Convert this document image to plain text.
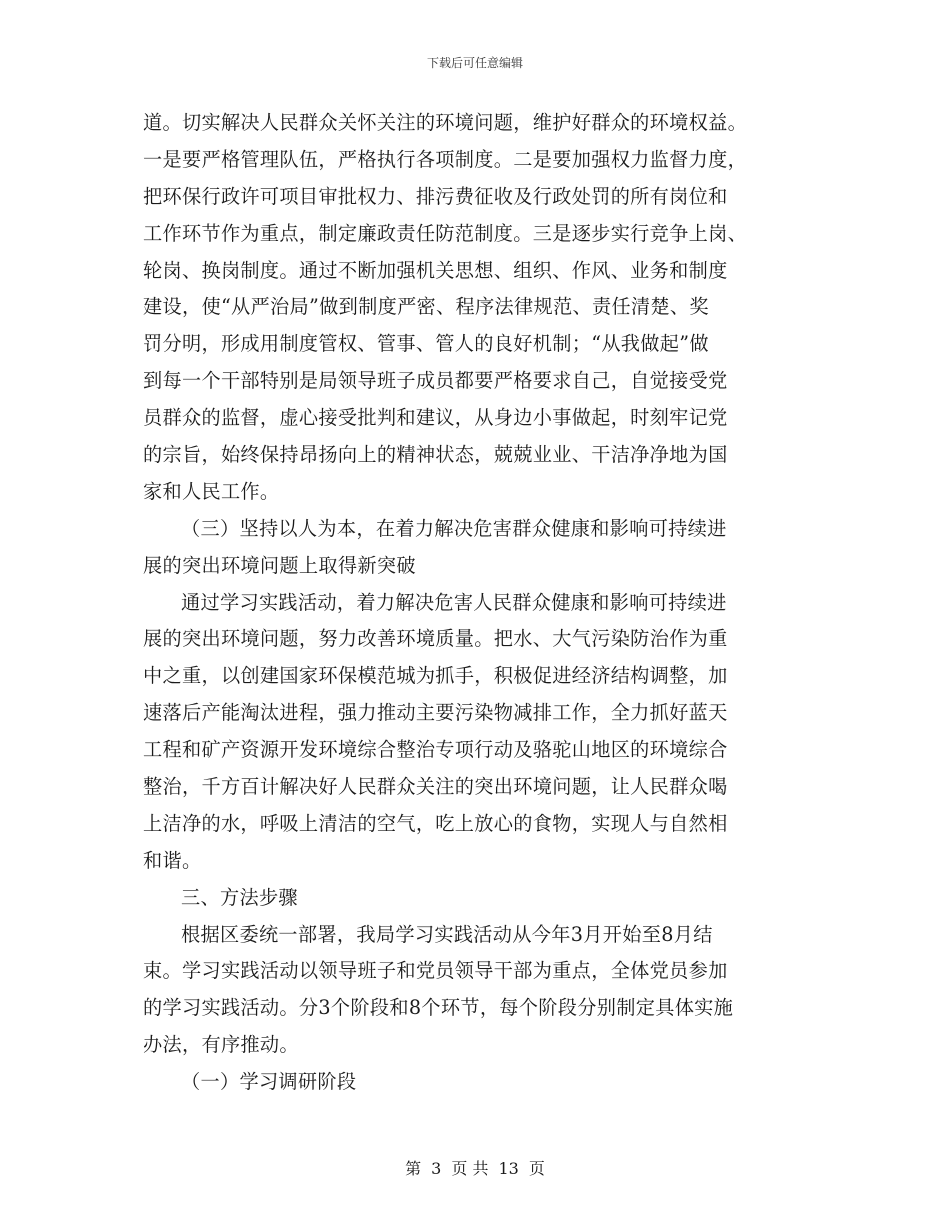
下载后可任意编辑
道。切实解决人民群众关怀关注的环境问题，维护好群众的环境权益。
一是要严格管理队伍，严格执行各项制度。二是要加强权力监督力度，
把环保行政许可项目审批权力、排污费征收及行政处罚的所有岗位和
工作环节作为重点，制定廉政责任防范制度。三是逐步实行竞争上岗、
轮岗、换岗制度。通过不断加强机关思想、组织、作风、业务和制度
建设，使“从严治局”做到制度严密、程序法律规范、责任清楚、奖
罚分明，形成用制度管权、管事、管人的良好机制；“从我做起”做
到每一个干部特别是局领导班子成员都要严格要求自己，自觉接受党
员群众的监督，虚心接受批判和建议，从身边小事做起，时刻牢记党
的宗旨，始终保持昂扬向上的精神状态，兢兢业业、干洁净净地为国
家和人民工作。
（三）坚持以人为本，在着力解决危害群众健康和影响可持续进
展的突出环境问题上取得新突破
通过学习实践活动，着力解决危害人民群众健康和影响可持续进
展的突出环境问题，努力改善环境质量。把水、大气污染防治作为重
中之重，以创建国家环保模范城为抓手，积极促进经济结构调整，加
速落后产能淘汰进程，强力推动主要污染物减排工作，全力抓好蓝天
工程和矿产资源开发环境综合整治专项行动及骆驼山地区的环境综合
整治，千方百计解决好人民群众关注的突出环境问题，让人民群众喝
上洁净的水，呼吸上清洁的空气，吃上放心的食物，实现人与自然相
和谐。
三、方法步骤
根据区委统一部署，我局学习实践活动从今年3月开始至8月结
束。学习实践活动以领导班子和党员领导干部为重点，全体党员参加
的学习实践活动。分3个阶段和8个环节，每个阶段分别制定具体实施
办法，有序推动。
（一）学习调研阶段
第 3 页 共 13 页
